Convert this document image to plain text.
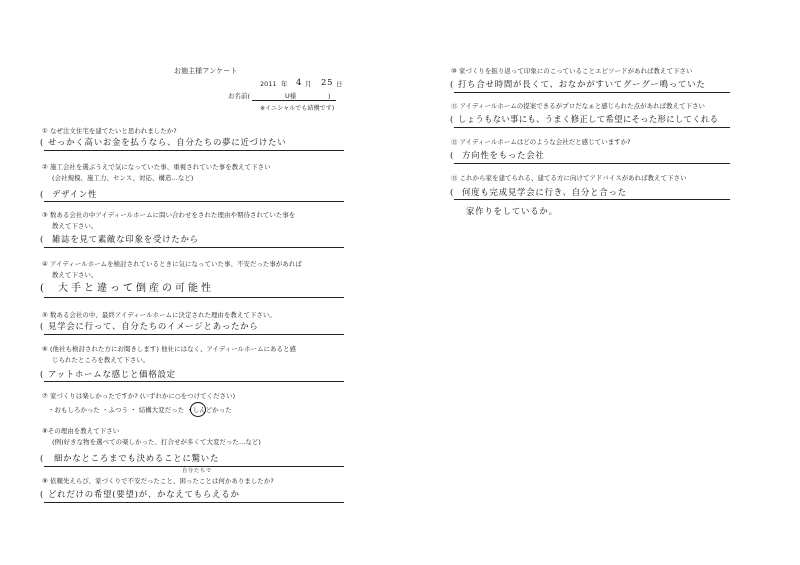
お施主様アンケート
2011 年 4 月 25 日
お名前(	U様	)
※イニシャルでも結構です)
① なぜ注文住宅を建てたいと思われましたか?
( せっかく高いお金を払うなら、自分たちの夢に近づけたい
② 施工会社を選ぶうえで気になっていた事、重視されていた事を教えて下さい
(会社規模、施工力、センス、対応、構造…など)
( デザイン性
③ 数ある会社の中アイディールホームに問い合わせをされた理由や期待されていた事を
教えて下さい。
( 雑誌を見て素敵な印象を受けたから
④ アイディールホームを検討されているときに気になっていた事、不安だった事があれば
教えて下さい。
( 大手と違って倒産の可能性
⑤ 数ある会社の中、最終アイディールホームに決定された理由を教えて下さい。
( 見学会に行って、自分たちのイメージとあったから
⑥ (他社も検討された方にお聞きします) 他社にはなく、アイディールホームにあると感
じられたところを教えて下さい。
( アットホームな感じと価格設定
⑦ 家づくりは楽しかったですか? (いずれかに○をつけてください)
・おもしろかった ・ふつう ・ 結構大変だった ・しんどかった
⑧その理由を教えて下さい
(例)好きな物を選べての楽しかった、打合せが多くて大変だった…など)
( 細かなところまでも決めることに驚いた
自分たちで
⑨ 依頼先えらび、家づくりで不安だったこと、困ったことは何かありましたか?
( どれだけの希望(要望)が、かなえてもらえるか
⑩ 家づくりを振り返って印象にのこっていることエピソードがあれば教えて下さい
( 打ち合せ時間が長くて、おなかがすいてグーグー鳴っていた
⑪ アイディールホームの提案できるがプロだなぁと感じられた点があれば教えて下さい
( しょうもない事にも、うまく修正して希望にそった形にしてくれる
⑫ アイディールホームはどのような会社だと感じていますか?
( 方向性をもった会社
⑬ これから家を建てられる、建てる方に向けてアドバイスがあれば教えて下さい
( 何度も完成見学会に行き、自分と合った
家作りをしているか。
